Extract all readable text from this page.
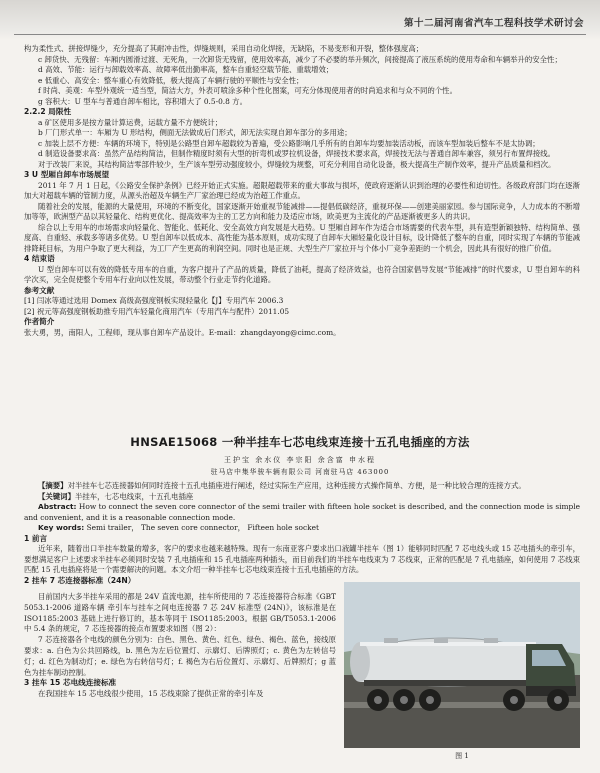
第十二届河南省汽车工程科技学术研讨会

构为柔性式、拼接焊缝少，充分提高了其耐冲击性，焊缝规则，采用自动化焊接，无缺陷，不易变形和开裂，整体强度高；

c 卸货快、无残留：车厢内圆滑过渡、无死角，一次卸货无残留，使用效率高，减少了不必要的举升频次，间接提高了液压系统的使用寿命和车辆举升的安全性；

d 高效、节能：运行与卸载效率高、故障率低出勤率高，整车自重轻空载节能、重载增效；

e 低重心、高安全：整车重心有效降低，极大提高了车辆行驶的平顺性与安全性；

f 时尚、美观：车型外观统一适当型，简洁大方，外表可喷涂多种个性化图案，可充分体现使用者的时尚追求和与众不同的个性。

g 容积大：U 型车与普通自卸车相比，容积增大了 0.5-0.8 方。

2.2.2 局限性

a 矿区使用多是按方量计算运费，运载方量不方便统计；

b 厂门形式单一：车厢为 U 形结构，侧面无法做成后门形式，卸无法实现自卸车部分的多用途；

c 加装上层不方便：车辆的环境下，特别是公路型自卸车超载较为普遍，受公路影响几乎所有的自卸车均要加装活动板，而该车型加装后整车不是太协调；

d 制造设备要求高：虽然产品结构简洁，但制作精度时须有大型的折弯机或罗拉机设备，焊接技术要求高，焊接技无法与普通自卸车兼容，须另行布置焊接线。

对于改装厂来说，其结构简洁零部件较少，生产该车型劳动强度较小，焊缝较为规整，可充分利用自动化设备，极大提高生产制作效率，提升产品质量和档次。

3 U 型厢自卸车市场展望

2011 年 7 月 1 日起，《公路安全保护条例》已经开始正式实施。超限超载带来的重大事故与损坏，使政府逐渐认识到治理的必要性和迫切性。各级政府部门均在逐渐加大对超载车辆的管制力度，从源头治超及车辆生产厂家治理已经成为治超工作重点。

随着社会的发展，能源的大量使用，环境的不断变化，国家逐渐开始重视节能减排——提倡低碳经济，重视环保——创建美丽家园。参与国际竞争，人力成本的不断增加等等，欧洲型产品以其轻量化、结构更优化、提高效率为主的工艺方向和能力及适应市场，欧美更为主流化的产品逐渐被更多人的共识。

综合以上专用车的市场需求向轻量化、智能化、低耗化、安全高效方向发展是大趋势。U 型厢自卸车作为适合市场需要的代表车型，具有造型新颖独特、结构简单、强度高、自重轻、承载多等诸多优势。U 型自卸车以低成本、高性能为基本原则，成功实现了自卸车大厢轻量化设计目标，设计降低了整车的自重，同时实现了车辆的节能减排降耗目标，为用户争取了更大利益，为工厂产生更高的利润空间。同时也是正规、大型生产厂家拉开与个体小厂竞争差距的一个机会，因此具有很好的推广价值。

4 结束语

U 型自卸车可以有效的降低专用车的自重，为客户提升了产品的质量，降低了油耗，提高了经济效益，也符合国家倡导发展“节能减排”的时代要求，U 型自卸车的科学次买，完全促使整个专用车行业向以性发展，带动整个行业走节约化道路。

参考文献

[1] 闫冰等通过选用 Domex 高级高强度钢板实现轻量化【J】专用汽车 2006.3

[2] 祝元等高强度钢板助推专用汽车轻量化商用汽车（专用汽车与配件）2011.05

作者简介

张大勇，男，南阳人，工程师，现从事自卸车产品设计。E-mail：zhangdayong@cimc.com。

HNSAE15068 一种半挂车七芯电线束连接十五孔电插座的方法
王护宝 余水仪 李宗阳 余含富 申水程
驻马店中集华骏车辆有限公司 河南驻马店 463000

【摘要】对半挂车七芯连接器如何同时连接十五孔电插座进行阐述，经过实际生产应用，这种连接方式操作简单、方便，是一种比较合理的连接方式。

【关键词】半挂车，七芯电线束，十五孔电插座

Abstract: How to connect the seven core connector of the semi trailer with fifteen hole socket is described, and the connection mode is simple and convenient, and it is a reasonable connection mode.

Key words: Semi trailer， The seven core connector， Fifteen hole socket

1 前言

近年来，随着出口半挂车数量的增多，客户的要求也越来越特殊。现有一东南亚客户要求出口液罐半挂车（图 1）能够同时匹配 7 芯电线头或 15 芯电插头的牵引车，要想满足客户上述要求半挂车必须同时安装 7 孔电插座和 15 孔电插座两种插头，而目前我们的半挂车电线束为 7 芯线束，正常的匹配是 7 孔电插座，如何使用 7 芯线束匹配 15 孔电插座将是一个需要解决的问题。本文介绍一种半挂车七芯电线束连接十五孔电插座的方法。

2 挂车 7 芯连接器标准（24N）

目前国内大多半挂车采用的都是 24V 直流电源，挂车所使用的 7 芯连接器符合标准《GBT 5053.1-2006 道路车辆 牵引车与挂车之间电连接器 7 芯 24V 标准型 (24N)》，该标准是在 ISO1185:2003 基础上进行修订的，基本等同于 ISO1185:2003。根据 GB/T5053.1-2006 中 5.4 条的规定，7 芯连接器的接点布置要求如图（图 2）：

7 芯连接器各个电线的颜色分别为：白色、黑色、黄色、红色、绿色、褐色、蓝色，接线原要求：a. 白色为公共回路线，b. 黑色为左后位置灯、示廓灯、后牌照灯；c. 黄色为左转信号灯；d. 红色为制动灯；e. 绿色为右转信号灯；f. 褐色为右后位置灯、示廓灯、后牌照灯；g 蓝色为挂车制动控制。

3 挂车 15 芯电线连接标准

在我国挂车 15 芯电线很少使用，15 芯线束除了提供正常的牵引车及

图 1
